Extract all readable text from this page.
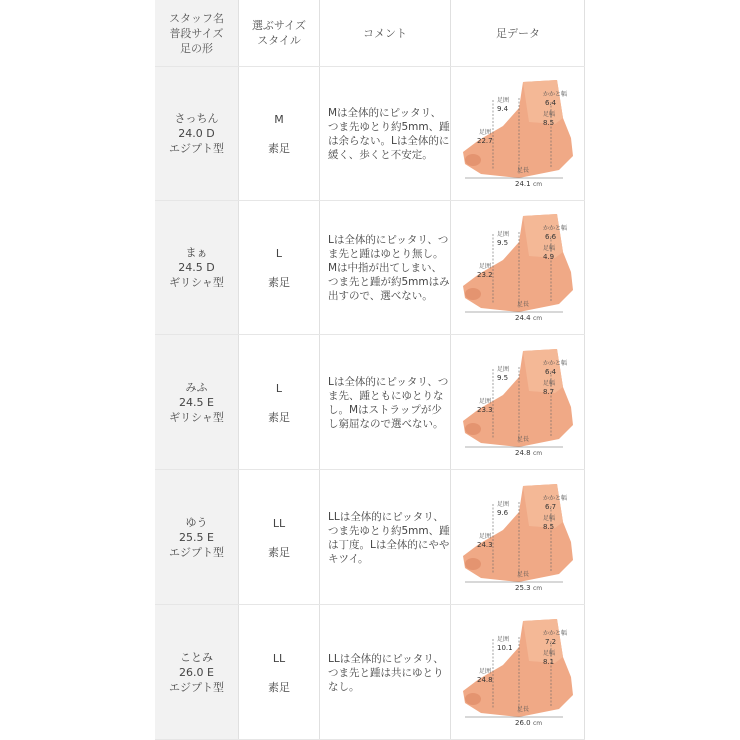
スタッフ名
普段サイズ
足の形
選ぶサイズ
スタイル
コメント	足データ
さっちん
24.0 D
エジプト型
M
素足
Mは全体的にピッタリ、つま先ゆとり約5mm、踵は余らない。Lは全体的に緩く、歩くと不安定。
足囲
9.4
かかと幅
6.4
足幅
8.5
足囲
22.7
足長
24.1 cm
まぁ
24.5 D
ギリシャ型
L
素足
Lは全体的にピッタリ、つま先と踵はゆとり無し。Mは中指が出てしまい、つま先と踵が約5mmはみ出すので、選べない。
足囲
9.5
かかと幅
6.6
足幅
4.9
足囲
23.2
足長
24.4 cm
みふ
24.5 E
ギリシャ型
L
素足
Lは全体的にピッタリ、つま先、踵ともにゆとりなし。Mはストラップが少し窮屈なので選べない。
足囲
9.5
かかと幅
6.4
足幅
8.7
足囲
23.3
足長
24.8 cm
ゆう
25.5 E
エジプト型
LL
素足
LLは全体的にピッタリ、つま先ゆとり約5mm、踵は丁度。Lは全体的にややキツイ。
足囲
9.6
かかと幅
6.7
足幅
8.5
足囲
24.3
足長
25.3 cm
ことみ
26.0 E
エジプト型
LL
素足
LLは全体的にピッタリ、つま先と踵は共にゆとりなし。
足囲
10.1
かかと幅
7.2
足幅
8.1
足囲
24.8
足長
26.0 cm
